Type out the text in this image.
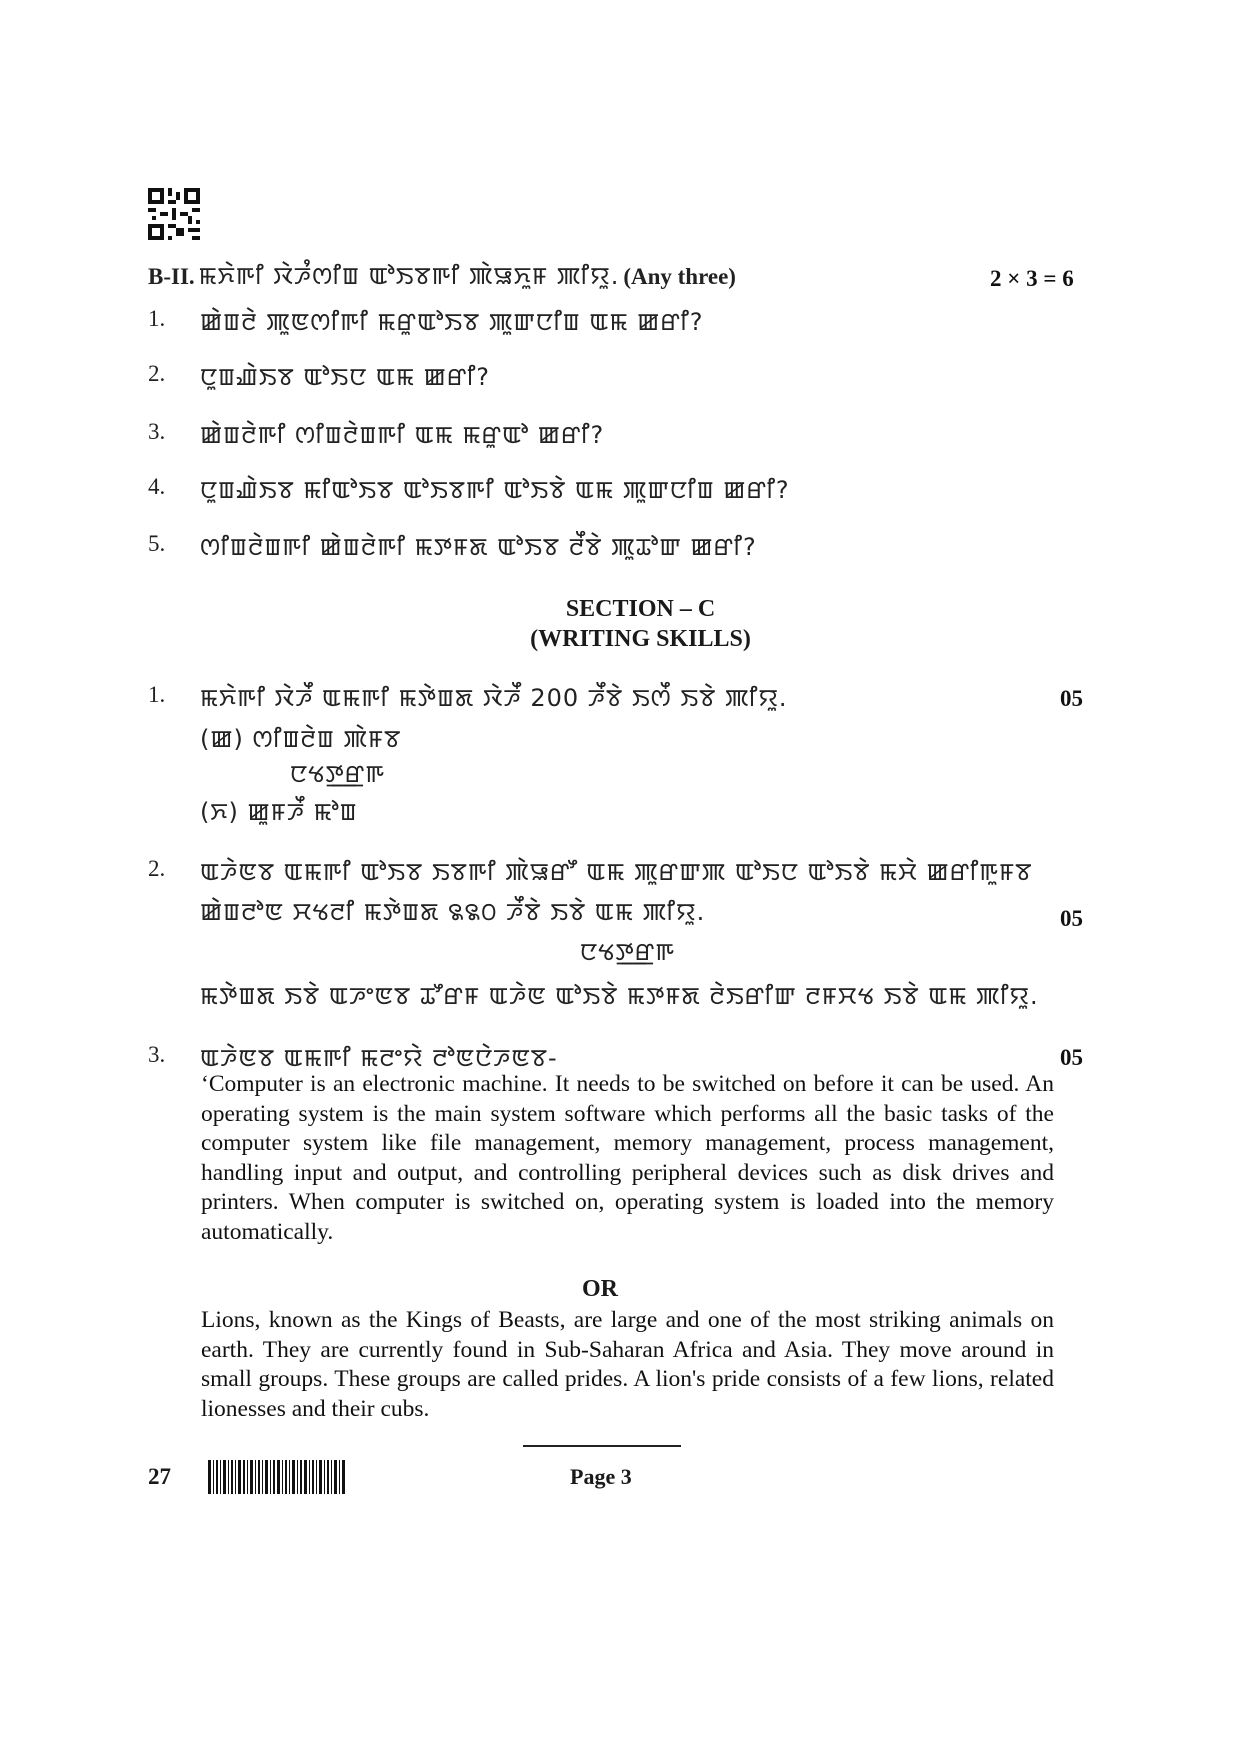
B-II. ꯃꯈꯥꯒꯤ ꯋꯥꯍꯪꯁꯤꯡ ꯑꯣꯏꯕꯒꯤ ꯄꯥꯎꯈꯨꯝ ꯄꯤꯌꯨ. (Any three)	2 × 3 = 6
1. ꯀꯥꯡꯂꯥ ꯄꯨꯟꯁꯤꯒꯤ ꯃꯔꯨꯑꯣꯏꯕ ꯄꯨꯛꯅꯤꯡ ꯑꯃ ꯀꯔꯤ?
2. ꯅꯨꯡꯉꯥꯏꯕ ꯑꯣꯏꯅ ꯑꯃ ꯀꯔꯤ?
3. ꯀꯥꯡꯂꯥꯒꯤ ꯁꯤꯡꯂꯥꯡꯒꯤ ꯑꯃ ꯃꯔꯨꯑꯣ ꯀꯔꯤ?
4. ꯅꯨꯡꯉꯥꯏꯕ ꯃꯤꯑꯣꯏꯕ ꯑꯣꯏꯕꯒꯤ ꯑꯣꯏꯕꯥ ꯑꯃ ꯄꯨꯛꯅꯤꯡ ꯀꯔꯤ?
5. ꯁꯤꯡꯂꯥꯡꯒꯤ ꯀꯥꯡꯂꯥꯒꯤ ꯃꯇꯝꯗ ꯑꯣꯏꯕ ꯂꯩꯕꯥ ꯄꯨꯊꯣꯛ ꯀꯔꯤ?
SECTION – C
(WRITING SKILLS)
1. ꯃꯈꯥꯒꯤ ꯋꯥꯍꯩ ꯑꯃꯒꯤ ꯃꯇꯥꯡꯗ ꯋꯥꯍꯩ 200 ꯍꯩꯕꯥ ꯏꯁꯩ ꯏꯕꯥ ꯄꯤꯌꯨ.	05
(ꯀ) ꯁꯤꯡꯂꯥꯡ ꯄꯥꯝꯕ
ꯅꯠꯇ꯭ꯔꯒ
(ꯈ) ꯀꯨꯝꯍꯩ ꯃꯣꯡ
2. ꯑꯍꯥꯟꯕ ꯑꯃꯒꯤ ꯑꯣꯏꯕ ꯏꯕꯒꯤ ꯄꯥꯎꯔꯧ ꯑꯃ ꯄꯨꯔꯛꯄ ꯑꯣꯏꯅ ꯑꯣꯏꯕꯥ ꯃꯆꯥ ꯀꯔꯤꯒꯨꯝꯕ
ꯀꯥꯡꯂꯣꯟ ꯆꯠꯂꯤ ꯃꯇꯥꯡꯗ ꯲꯲꯰ ꯍꯩꯕꯥ ꯏꯕꯥ ꯑꯃ ꯄꯤꯌꯨ.	05
ꯅꯠꯇ꯭ꯔꯒ
ꯃꯇꯥꯡꯗ ꯏꯕꯥ ꯑꯍꯦꯟꯕ ꯊꯧꯔꯝ ꯑꯍꯥꯟ ꯑꯣꯏꯕꯥ ꯃꯇꯝꯗ ꯂꯥꯏꯔꯤꯛ ꯂꯝꯆꯠ ꯏꯕꯥ ꯑꯃ ꯄꯤꯌꯨ.
3. ꯑꯍꯥꯟꯕ ꯑꯃꯒꯤ ꯃꯂꯦꯌꯥ ꯂꯣꯟꯅꯥꯍꯟꯕ-	05
‘Computer is an electronic machine. It needs to be switched on before it can be used. An operating system is the main system software which performs all the basic tasks of the computer system like file management, memory management, process management, handling input and output, and controlling peripheral devices such as disk drives and printers. When computer is switched on, operating system is loaded into the memory automatically.
OR
Lions, known as the Kings of Beasts, are large and one of the most striking animals on earth. They are currently found in Sub-Saharan Africa and Asia. They move around in small groups. These groups are called prides. A lion's pride consists of a few lions, related lionesses and their cubs.
27	Page 3
